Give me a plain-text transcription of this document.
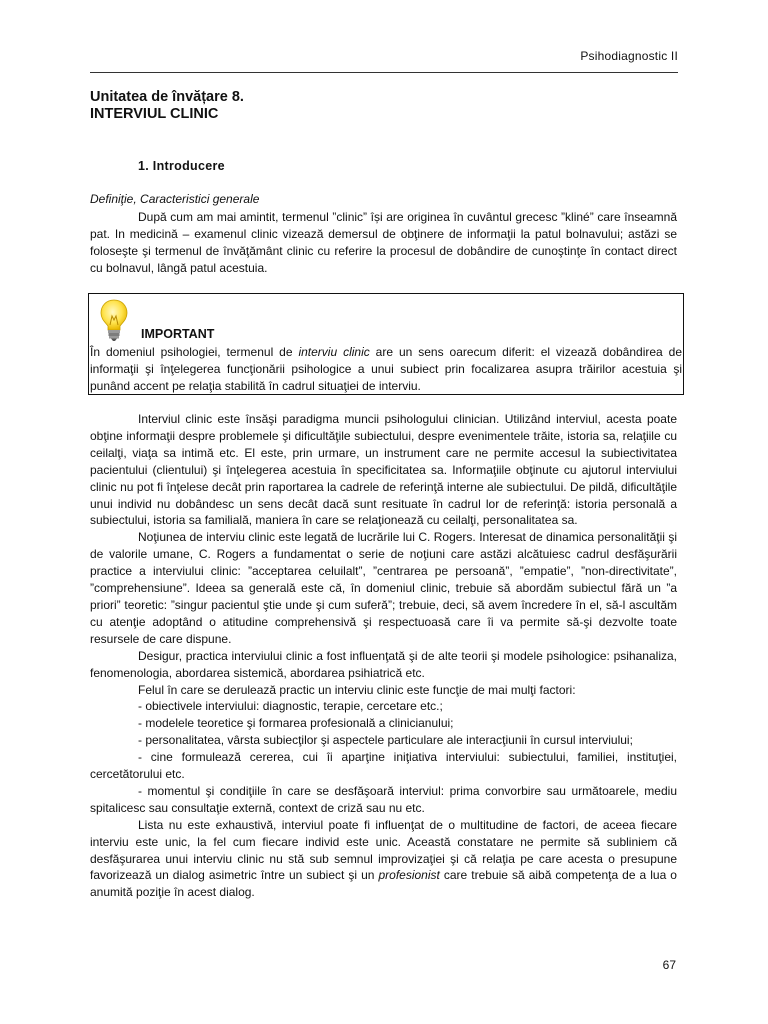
Psihodiagnostic II
Unitatea de învățare 8.
INTERVIUL CLINIC
1. Introducere
Definiţie, Caracteristici generale

După cum am mai amintit, termenul ”clinic” își are originea în cuvântul grecesc ”kliné” care înseamnă pat. In medicină – examenul clinic vizează demersul de obţinere de informaţii la patul bolnavului; astăzi se foloseşte şi termenul de învăţământ clinic cu referire la procesul de dobândire de cunoştinţe în contact direct cu bolnavul, lângă patul acestuia.

IMPORTANT

În domeniul psihologiei, termenul de interviu clinic are un sens oarecum diferit: el vizează dobândirea de informaţii şi înţelegerea funcţionării psihologice a unui subiect prin focalizarea asupra trăirilor acestuia şi punând accent pe relaţia stabilită în cadrul situaţiei de interviu.

Interviul clinic este însăşi paradigma muncii psihologului clinician. Utilizând interviul, acesta poate obţine informaţii despre problemele şi dificultăţile subiectului, despre evenimentele trăite, istoria sa, relaţiile cu ceilalţi, viaţa sa intimă etc. El este, prin urmare, un instrument care ne permite accesul la subiectivitatea pacientului (clientului) şi înţelegerea acestuia în specificitatea sa. Informaţiile obţinute cu ajutorul interviului clinic nu pot fi înţelese decât prin raportarea la cadrele de referinţă interne ale subiectului. De pildă, dificultăţile unui individ nu dobândesc un sens decât dacă sunt resituate în cadrul lor de referinţă: istoria personală a subiectului, istoria sa familială, maniera în care se relaţionează cu ceilalţi, personalitatea sa.

Noţiunea de interviu clinic este legată de lucrările lui C. Rogers. Interesat de dinamica personalităţii şi de valorile umane, C. Rogers a fundamentat o serie de noţiuni care astăzi alcătuiesc cadrul desfăşurării practice a interviului clinic: ”acceptarea celuilalt”, ”centrarea pe persoană”, ”empatie”, ”non-directivitate”, ”comprehensiune”. Ideea sa generală este că, în domeniul clinic, trebuie să abordăm subiectul fără un ”a priori” teoretic: ”singur pacientul ştie unde şi cum suferă”; trebuie, deci, să avem încredere în el, să-l ascultăm cu atenţie adoptând o atitudine comprehensivă şi respectuoasă care îi va permite să-şi dezvolte toate resursele de care dispune.

Desigur, practica interviului clinic a fost influenţată şi de alte teorii şi modele psihologice: psihanaliza, fenomenologia, abordarea sistemică, abordarea psihiatrică etc.

Felul în care se derulează practic un interviu clinic este funcţie de mai mulţi factori:

- obiectivele interviului: diagnostic, terapie, cercetare etc.;

- modelele teoretice şi formarea profesională a clinicianului;

- personalitatea, vârsta subiecţilor şi aspectele particulare ale interacţiunii în cursul interviului;

- cine formulează cererea, cui îi aparţine iniţiativa interviului: subiectului, familiei, instituţiei, cercetătorului etc.

- momentul şi condiţiile în care se desfăşoară interviul: prima convorbire sau următoarele, mediu spitalicesc sau consultaţie externă, context de criză sau nu etc.

Lista nu este exhaustivă, interviul poate fi influenţat de o multitudine de factori, de aceea fiecare interviu este unic, la fel cum fiecare individ este unic. Această constatare ne permite să subliniem că desfăşurarea unui interviu clinic nu stă sub semnul improvizaţiei şi că relaţia pe care acesta o presupune favorizează un dialog asimetric între un subiect şi un profesionist care trebuie să aibă competenţa de a lua o anumită poziţie în acest dialog.

67
